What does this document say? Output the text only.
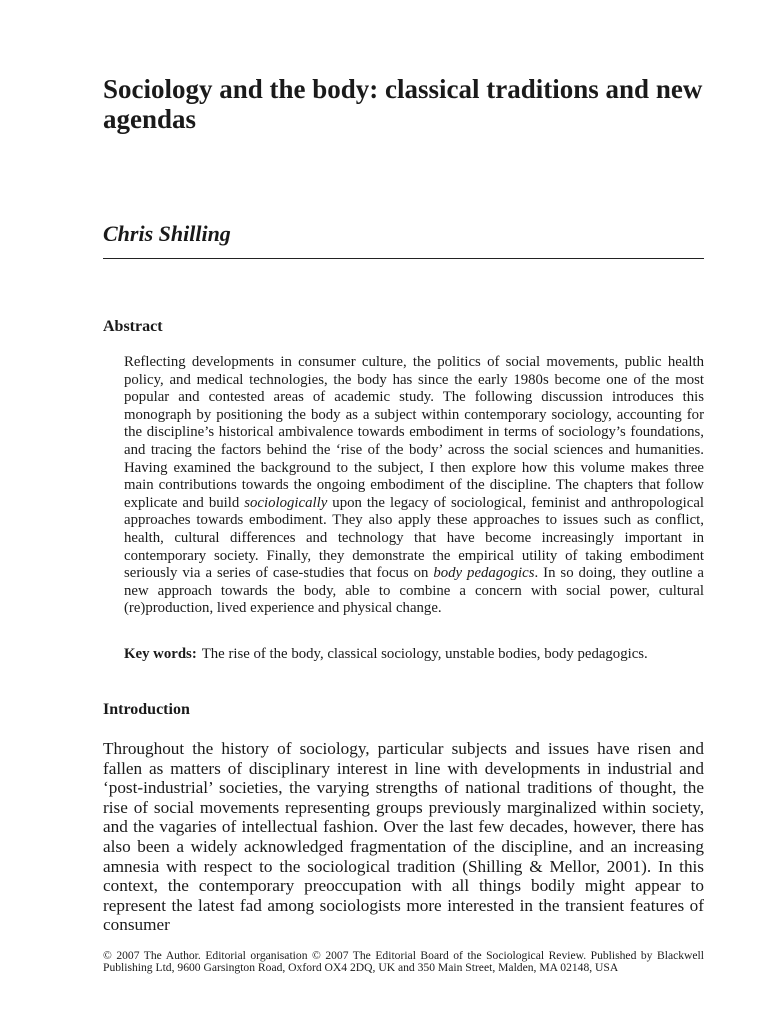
Sociology and the body: classical traditions and new agendas

Chris Shilling

Abstract

Reflecting developments in consumer culture, the politics of social movements, public health policy, and medical technologies, the body has since the early 1980s become one of the most popular and contested areas of academic study. The following discussion introduces this monograph by positioning the body as a subject within contemporary sociology, accounting for the discipline’s historical ambivalence towards embodiment in terms of sociology’s foundations, and tracing the factors behind the ‘rise of the body’ across the social sciences and humanities. Having examined the background to the subject, I then explore how this volume makes three main contributions towards the ongoing embodiment of the discipline. The chapters that follow explicate and build sociologically upon the legacy of sociological, feminist and anthropological approaches towards embodiment. They also apply these approaches to issues such as conflict, health, cultural differences and technology that have become increasingly important in contemporary society. Finally, they demonstrate the empirical utility of taking embodiment seriously via a series of case-studies that focus on body pedagogics. In so doing, they outline a new approach towards the body, able to combine a concern with social power, cultural (re)production, lived experience and physical change.

Key words: The rise of the body, classical sociology, unstable bodies, body pedagogics.

Introduction

Throughout the history of sociology, particular subjects and issues have risen and fallen as matters of disciplinary interest in line with developments in industrial and ‘post-industrial’ societies, the varying strengths of national traditions of thought, the rise of social movements representing groups previously marginalized within society, and the vagaries of intellectual fashion. Over the last few decades, however, there has also been a widely acknowledged fragmentation of the discipline, and an increasing amnesia with respect to the sociological tradition (Shilling & Mellor, 2001). In this context, the contemporary preoccupation with all things bodily might appear to represent the latest fad among sociologists more interested in the transient features of consumer

© 2007 The Author. Editorial organisation © 2007 The Editorial Board of the Sociological Review. Published by Blackwell Publishing Ltd, 9600 Garsington Road, Oxford OX4 2DQ, UK and 350 Main Street, Malden, MA 02148, USA
